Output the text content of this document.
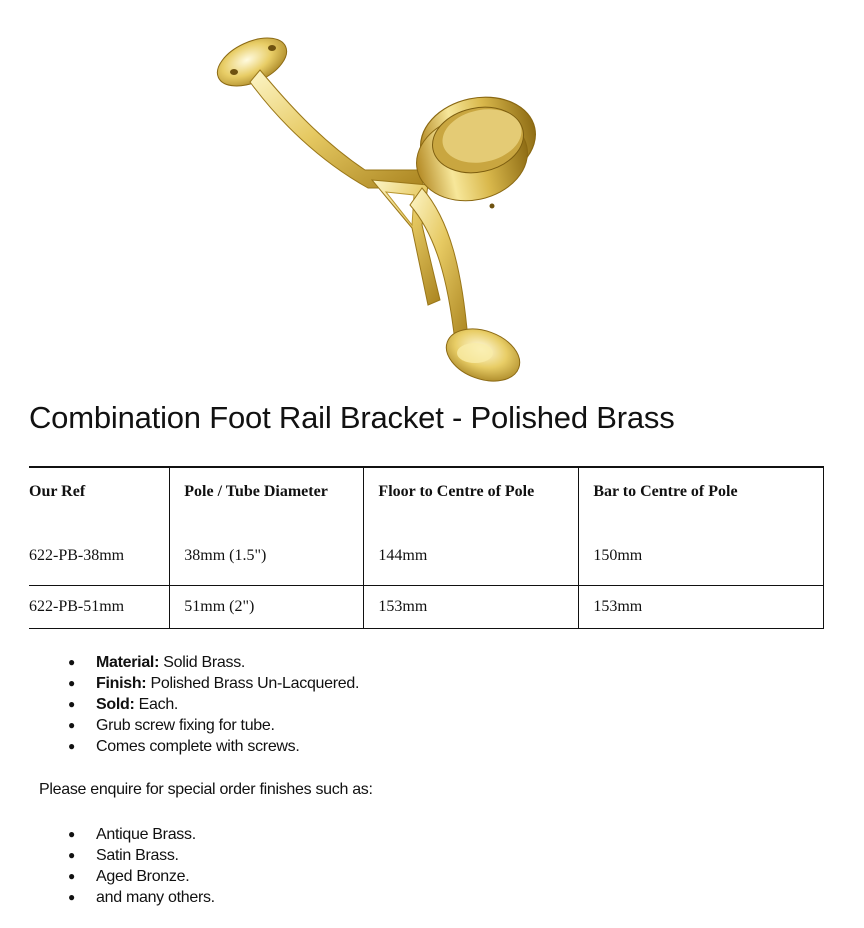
Combination Foot Rail Bracket - Polished Brass
Our Ref	Pole / Tube Diameter	Floor to Centre of Pole	Bar to Centre of Pole
622-PB-38mm	38mm (1.5")	144mm	150mm
622-PB-51mm	51mm (2")	153mm	153mm
● Material: Solid Brass.
● Finish: Polished Brass Un-Lacquered.
● Sold: Each.
● Grub screw fixing for tube.
● Comes complete with screws.

Please enquire for special order finishes such as:

● Antique Brass.
● Satin Brass.
● Aged Bronze.
● and many others.
